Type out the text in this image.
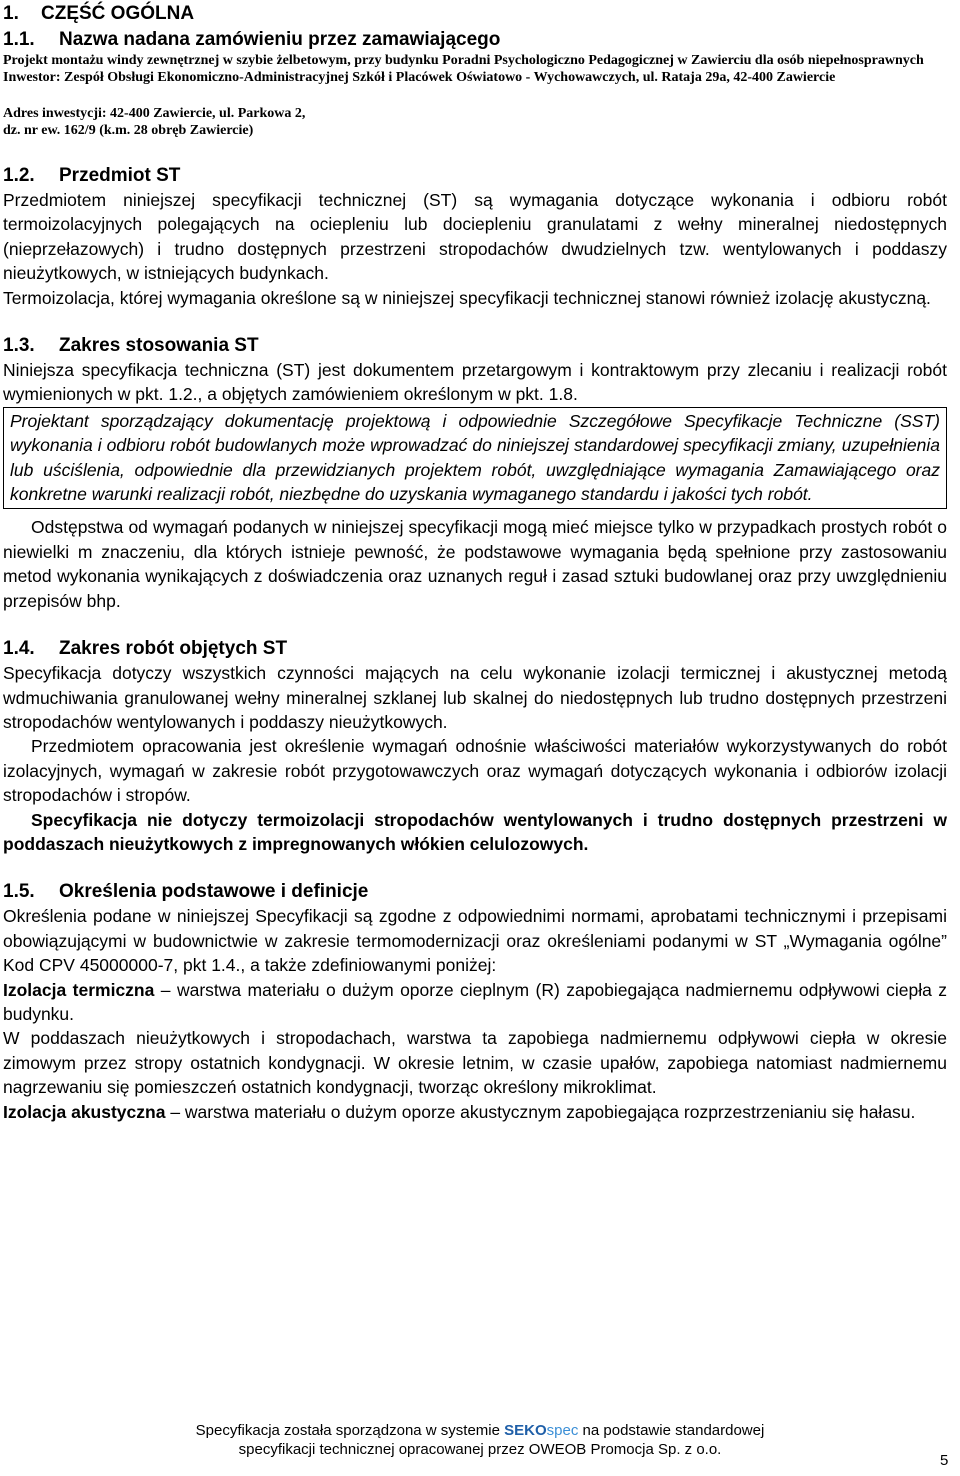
1. CZĘŚĆ OGÓLNA
1.1. Nazwa nadana zamówieniu przez zamawiającego
Projekt montażu windy zewnętrznej w szybie żelbetowym, przy budynku Poradni Psychologiczno Pedagogicznej w Zawierciu dla osób niepełnosprawnych
Inwestor: Zespół Obsługi Ekonomiczno-Administracyjnej Szkół i Placówek Oświatowo - Wychowawczych, ul. Rataja 29a, 42-400 Zawiercie
Adres inwestycji: 42-400 Zawiercie, ul. Parkowa 2,
dz. nr ew. 162/9 (k.m. 28 obręb Zawiercie)
1.2. Przedmiot ST
Przedmiotem niniejszej specyfikacji technicznej (ST) są wymagania dotyczące wykonania i odbioru robót termoizolacyjnych polegających na ociepleniu lub dociepleniu granulatami z wełny mineralnej niedostępnych (nieprzełazowych) i trudno dostępnych przestrzeni stropodachów dwudzielnych tzw. wentylowanych i poddaszy nieużytkowych, w istniejących budynkach.
Termoizolacja, której wymagania określone są w niniejszej specyfikacji technicznej stanowi również izolację akustyczną.
1.3. Zakres stosowania ST
Niniejsza specyfikacja techniczna (ST) jest dokumentem przetargowym i kontraktowym przy zlecaniu i realizacji robót wymienionych w pkt. 1.2., a objętych zamówieniem określonym w pkt. 1.8.
Projektant sporządzający dokumentację projektową i odpowiednie Szczegółowe Specyfikacje Techniczne (SST) wykonania i odbioru robót budowlanych może wprowadzać do niniejszej standardowej specyfikacji zmiany, uzupełnienia lub uściślenia, odpowiednie dla przewidzianych projektem robót, uwzględniające wymagania Zamawiającego oraz konkretne warunki realizacji robót, niezbędne do uzyskania wymaganego standardu i jakości tych robót.
Odstępstwa od wymagań podanych w niniejszej specyfikacji mogą mieć miejsce tylko w przypadkach prostych robót o niewielki m znaczeniu, dla których istnieje pewność, że podstawowe wymagania będą spełnione przy zastosowaniu metod wykonania wynikających z doświadczenia oraz uznanych reguł i zasad sztuki budowlanej oraz przy uwzględnieniu przepisów bhp.
1.4. Zakres robót objętych ST
Specyfikacja dotyczy wszystkich czynności mających na celu wykonanie izolacji termicznej i akustycznej metodą wdmuchiwania granulowanej wełny mineralnej szklanej lub skalnej do niedostępnych lub trudno dostępnych przestrzeni stropodachów wentylowanych i poddaszy nieużytkowych.
Przedmiotem opracowania jest określenie wymagań odnośnie właściwości materiałów wykorzystywanych do robót izolacyjnych, wymagań w zakresie robót przygotowawczych oraz wymagań dotyczących wykonania i odbiorów izolacji stropodachów i stropów.
Specyfikacja nie dotyczy termoizolacji stropodachów wentylowanych i trudno dostępnych przestrzeni w poddaszach nieużytkowych z impregnowanych włókien celulozowych.
1.5. Określenia podstawowe i definicje
Określenia podane w niniejszej Specyfikacji są zgodne z odpowiednimi normami, aprobatami technicznymi i przepisami obowiązującymi w budownictwie w zakresie termomodernizacji oraz określeniami podanymi w ST „Wymagania ogólne” Kod CPV 45000000-7, pkt 1.4., a także zdefiniowanymi poniżej:
Izolacja termiczna – warstwa materiału o dużym oporze cieplnym (R) zapobiegająca nadmiernemu odpływowi ciepła z budynku.
W poddaszach nieużytkowych i stropodachach, warstwa ta zapobiega nadmiernemu odpływowi ciepła w okresie zimowym przez stropy ostatnich kondygnacji. W okresie letnim, w czasie upałów, zapobiega natomiast nadmiernemu nagrzewaniu się pomieszczeń ostatnich kondygnacji, tworząc określony mikroklimat.
Izolacja akustyczna – warstwa materiału o dużym oporze akustycznym zapobiegająca rozprzestrzenianiu się hałasu.
Specyfikacja została sporządzona w systemie SEKOspec na podstawie standardowej
specyfikacji technicznej opracowanej przez OWEOB Promocja Sp. z o.o.
5
